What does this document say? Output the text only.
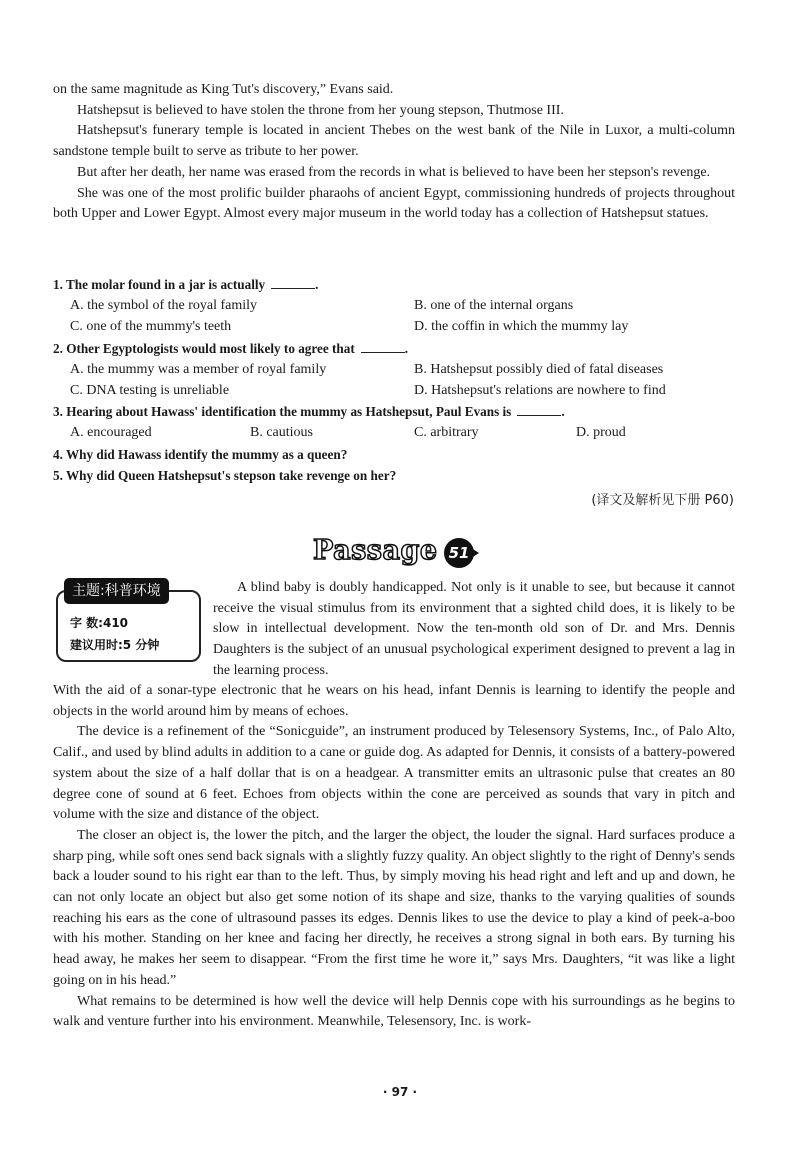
on the same magnitude as King Tut's discovery,” Evans said.

Hatshepsut is believed to have stolen the throne from her young stepson, Thutmose III.

Hatshepsut's funerary temple is located in ancient Thebes on the west bank of the Nile in Luxor, a multi-column sandstone temple built to serve as tribute to her power.

But after her death, her name was erased from the records in what is believed to have been her stepson's revenge.

She was one of the most prolific builder pharaohs of ancient Egypt, commissioning hundreds of projects throughout both Upper and Lower Egypt. Almost every major museum in the world today has a collection of Hatshepsut statues.

1. The molar found in a jar is actually	.
A. the symbol of the royal family	B. one of the internal organs
C. one of the mummy's teeth	D. the coffin in which the mummy lay
2. Other Egyptologists would most likely to agree that	.
A. the mummy was a member of royal family	B. Hatshepsut possibly died of fatal diseases
C. DNA testing is unreliable	D. Hatshepsut's relations are nowhere to find
3. Hearing about Hawass' identification the mummy as Hatshepsut, Paul Evans is	.
A. encouraged	B. cautious	C. arbitrary	D. proud
4. Why did Hawass identify the mummy as a queen?
5. Why did Queen Hatshepsut's stepson take revenge on her?
(译文及解析见下册 P60)
Passage 51
主题:科普环境
字 数:410
建议用时:5 分钟

A blind baby is doubly handicapped. Not only is it unable to see, but because it cannot receive the visual stimulus from its environment that a sighted child does, it is likely to be slow in intellectual development. Now the ten-month old son of Dr. and Mrs. Dennis Daughters is the subject of an unusual psychological experiment designed to prevent a lag in the learning process.

With the aid of a sonar-type electronic that he wears on his head, infant Dennis is learning to identify the people and objects in the world around him by means of echoes.

The device is a refinement of the “Sonicguide”, an instrument produced by Telesensory Systems, Inc., of Palo Alto, Calif., and used by blind adults in addition to a cane or guide dog. As adapted for Dennis, it consists of a battery-powered system about the size of a half dollar that is on a headgear. A transmitter emits an ultrasonic pulse that creates an 80 degree cone of sound at 6 feet. Echoes from objects within the cone are perceived as sounds that vary in pitch and volume with the size and distance of the object.

The closer an object is, the lower the pitch, and the larger the object, the louder the signal. Hard surfaces produce a sharp ping, while soft ones send back signals with a slightly fuzzy quality. An object slightly to the right of Denny's sends back a louder sound to his right ear than to the left. Thus, by simply moving his head right and left and up and down, he can not only locate an object but also get some notion of its shape and size, thanks to the varying qualities of sounds reaching his ears as the cone of ultrasound passes its edges. Dennis likes to use the device to play a kind of peek-a-boo with his mother. Standing on her knee and facing her directly, he receives a strong signal in both ears. By turning his head away, he makes her seem to disappear. “From the first time he wore it,” says Mrs. Daughters, “it was like a light going on in his head.”

What remains to be determined is how well the device will help Dennis cope with his surroundings as he begins to walk and venture further into his environment. Meanwhile, Telesensory, Inc. is work-

· 97 ·
